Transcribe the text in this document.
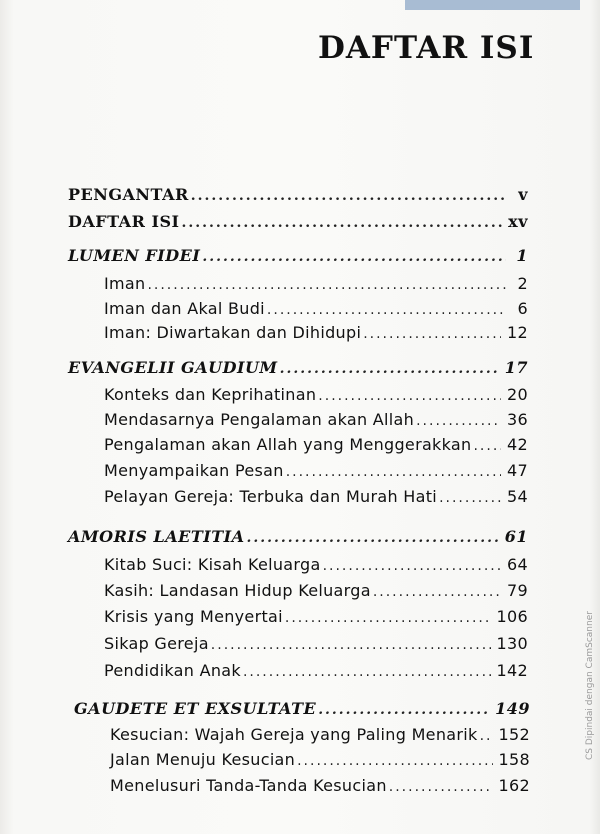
DAFTAR ISI
PENGANTAR .....	v
DAFTAR ISI .....	xv
LUMEN FIDEI .....	1
Iman .....	2
Iman dan Akal Budi .....	6
Iman: Diwartakan dan Dihidupi .....	12
EVANGELII GAUDIUM .....	17
Konteks dan Keprihatinan .....	20
Mendasarnya Pengalaman akan Allah .....	36
Pengalaman akan Allah yang Menggerakkan ..... 42
Menyampaikan Pesan .....	47
Pelayan Gereja: Terbuka dan Murah Hati .....	54
AMORIS LAETITIA .....	61
Kitab Suci: Kisah Keluarga .....	64
Kasih: Landasan Hidup Keluarga .....	79
Krisis yang Menyertai .....	106
Sikap Gereja .....	130
Pendidikan Anak .....	142
GAUDETE ET EXSULTATE .....	149
Kesucian: Wajah Gereja yang Paling Menarik ..... 152
Jalan Menuju Kesucian .....	158
Menelusuri Tanda-Tanda Kesucian .....	162
CS Dipindai dengan CamScanner
